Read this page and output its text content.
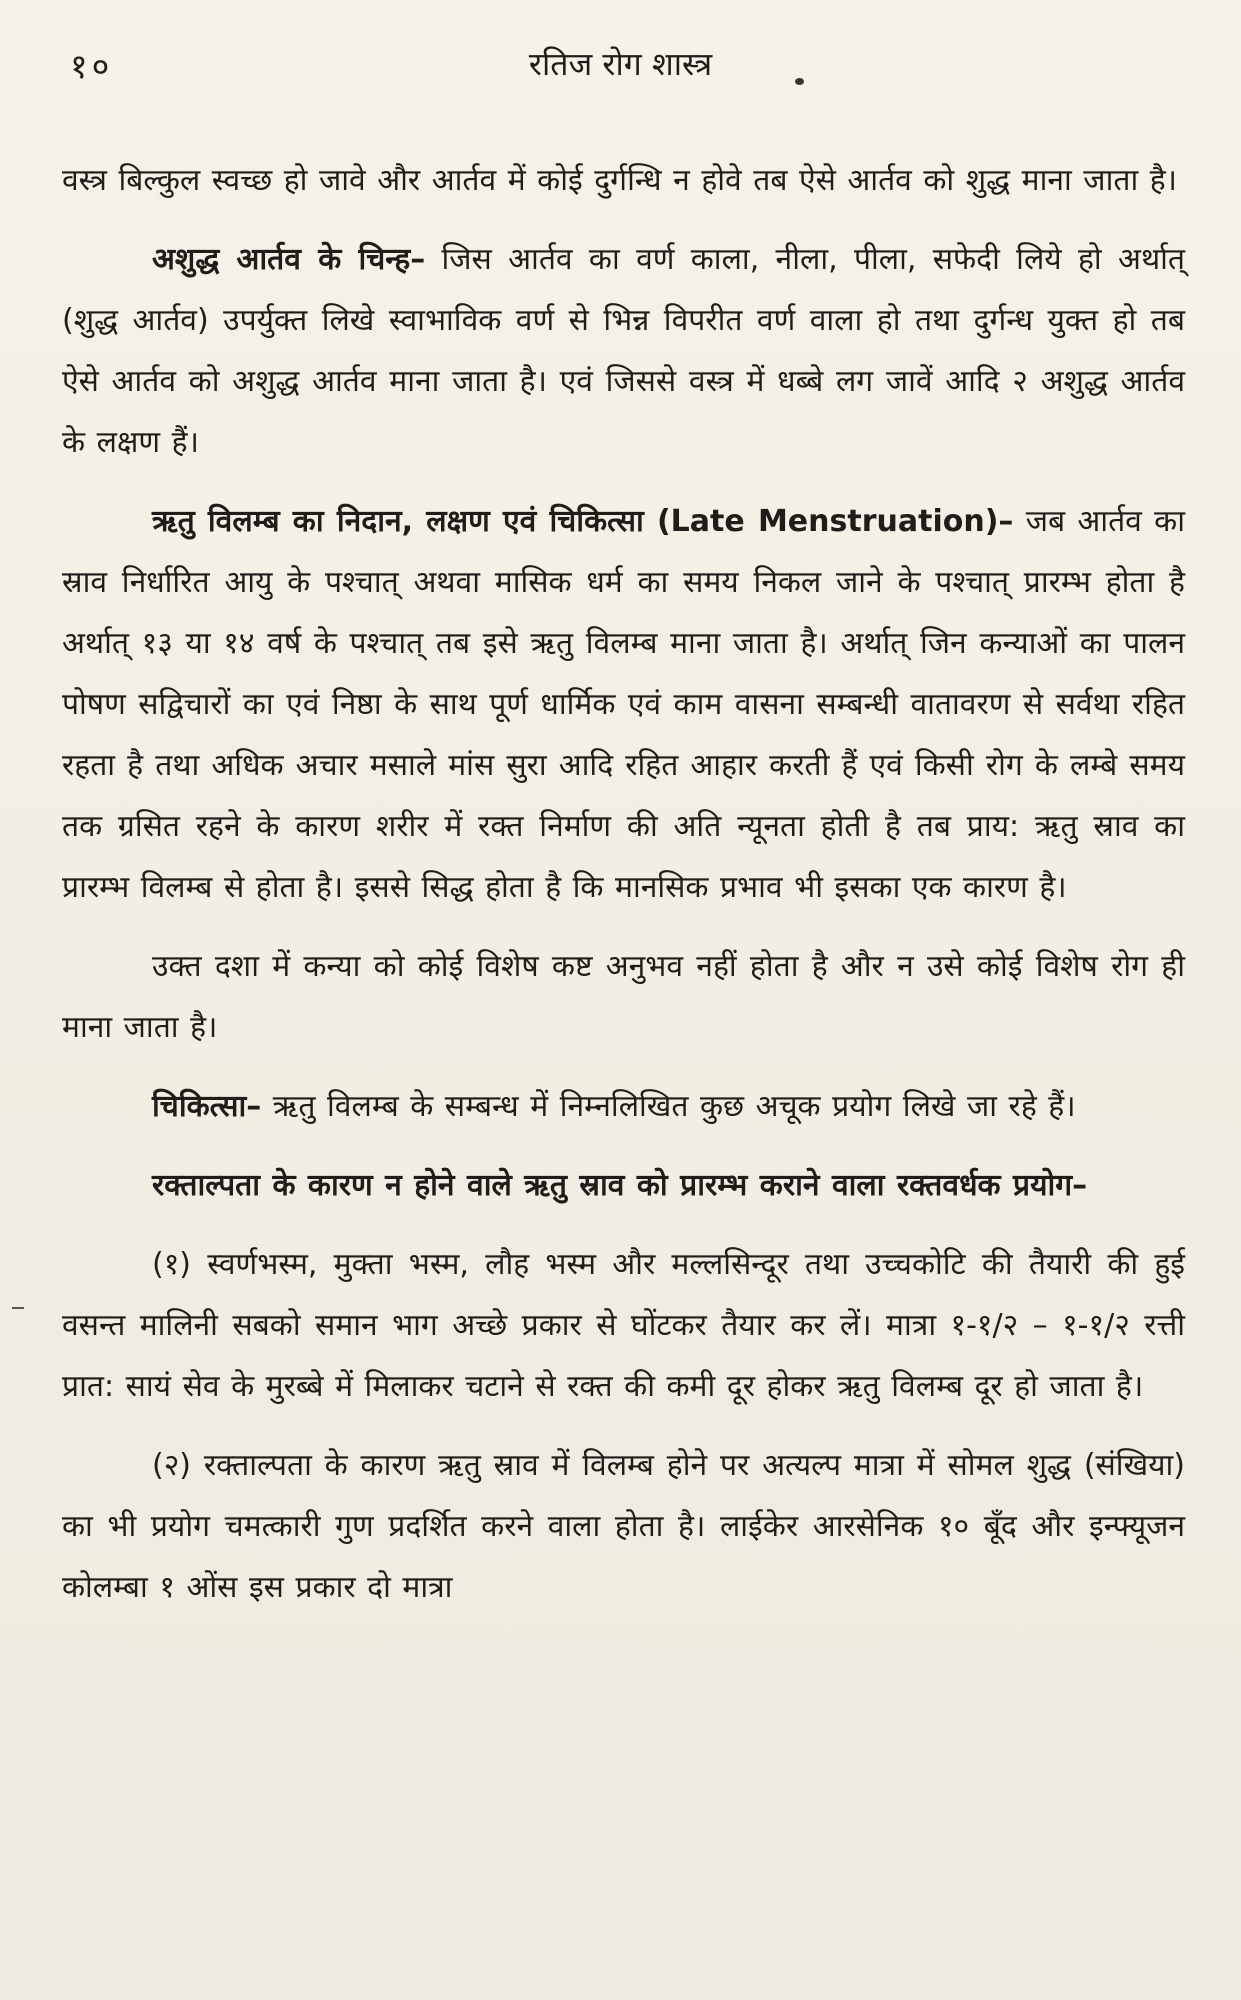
१०	रतिज रोग शास्त्र

वस्त्र बिल्कुल स्वच्छ हो जावे और आर्तव में कोई दुर्गन्धि न होवे तब ऐसे आर्तव को शुद्ध माना जाता है।

अशुद्ध आर्तव के चिन्ह– जिस आर्तव का वर्ण काला, नीला, पीला, सफेदी लिये हो अर्थात् (शुद्ध आर्तव) उपर्युक्त लिखे स्वाभाविक वर्ण से भिन्न विपरीत वर्ण वाला हो तथा दुर्गन्ध युक्त हो तब ऐसे आर्तव को अशुद्ध आर्तव माना जाता है। एवं जिससे वस्त्र में धब्बे लग जावें आदि २ अशुद्ध आर्तव के लक्षण हैं।

ऋतु विलम्ब का निदान, लक्षण एवं चिकित्सा (Late Menstruation)– जब आर्तव का स्राव निर्धारित आयु के पश्चात् अथवा मासिक धर्म का समय निकल जाने के पश्चात् प्रारम्भ होता है अर्थात् १३ या १४ वर्ष के पश्चात् तब इसे ऋतु विलम्ब माना जाता है। अर्थात् जिन कन्याओं का पालन पोषण सद्विचारों का एवं निष्ठा के साथ पूर्ण धार्मिक एवं काम वासना सम्बन्धी वातावरण से सर्वथा रहित रहता है तथा अधिक अचार मसाले मांस सुरा आदि रहित आहार करती हैं एवं किसी रोग के लम्बे समय तक ग्रसित रहने के कारण शरीर में रक्त निर्माण की अति न्यूनता होती है तब प्राय: ऋतु स्राव का प्रारम्भ विलम्ब से होता है। इससे सिद्ध होता है कि मानसिक प्रभाव भी इसका एक कारण है।

उक्त दशा में कन्या को कोई विशेष कष्ट अनुभव नहीं होता है और न उसे कोई विशेष रोग ही माना जाता है।

चिकित्सा– ऋतु विलम्ब के सम्बन्ध में निम्नलिखित कुछ अचूक प्रयोग लिखे जा रहे हैं।

रक्ताल्पता के कारण न होने वाले ऋतु स्राव को प्रारम्भ कराने वाला रक्तवर्धक प्रयोग–

(१) स्वर्णभस्म, मुक्ता भस्म, लौह भस्म और मल्लसिन्दूर तथा उच्चकोटि की तैयारी की हुई वसन्त मालिनी सबको समान भाग अच्छे प्रकार से घोंटकर तैयार कर लें। मात्रा १-१/२ – १-१/२ रत्ती प्रात: सायं सेव के मुरब्बे में मिलाकर चटाने से रक्त की कमी दूर होकर ऋतु विलम्ब दूर हो जाता है।

(२) रक्ताल्पता के कारण ऋतु स्राव में विलम्ब होने पर अत्यल्प मात्रा में सोमल शुद्ध (संखिया) का भी प्रयोग चमत्कारी गुण प्रदर्शित करने वाला होता है। लाईकेर आरसेनिक १० बूँद और इन्फ्यूजन कोलम्बा १ ओंस इस प्रकार दो मात्रा
